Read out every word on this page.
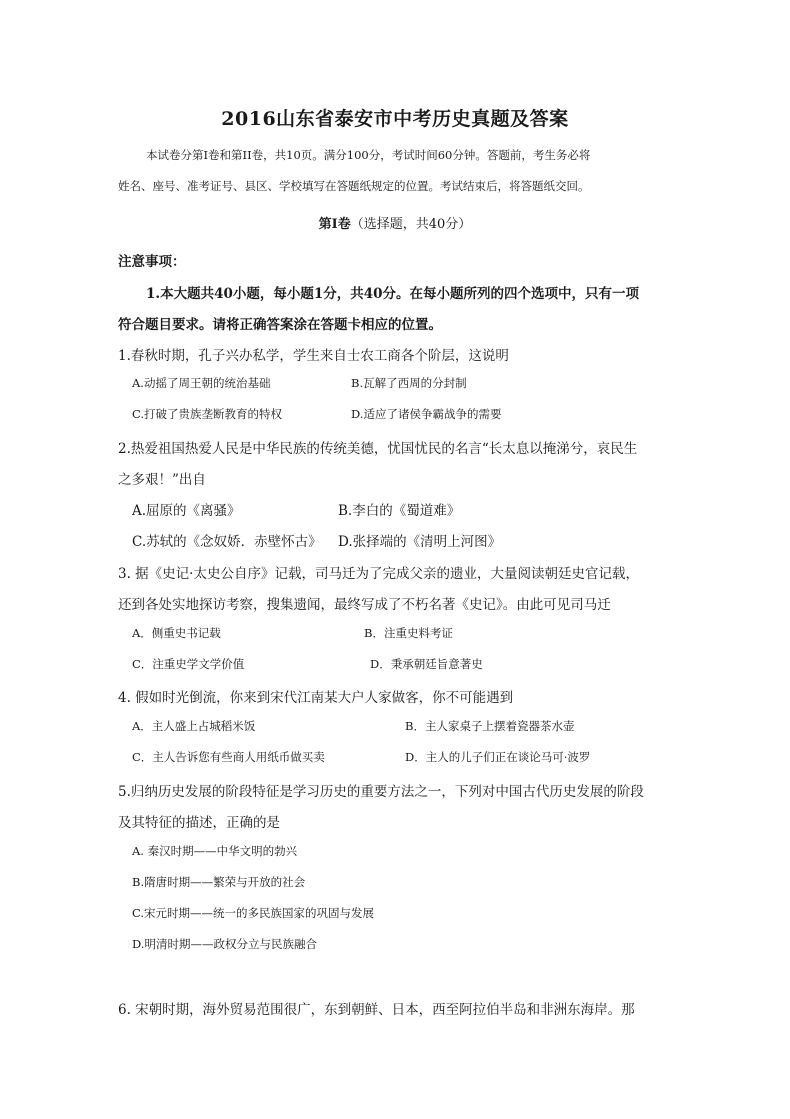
2016山东省泰安市中考历史真题及答案
本试卷分第Ⅰ卷和第II卷，共10页。满分100分，考试时间60分钟。答题前，考生务必将
姓名、座号、准考证号、县区、学校填写在答题纸规定的位置。考试结束后，将答题纸交回。
第Ⅰ卷（选择题，共40分）
注意事项：
1.本大题共40小题，每小题1分，共40分。在每小题所列的四个选项中，只有一项
符合题目要求。请将正确答案涂在答题卡相应的位置。
1.春秋时期，孔子兴办私学，学生来自士农工商各个阶层，这说明
A.动摇了周王朝的统治基础	B.瓦解了西周的分封制
C.打破了贵族垄断教育的特权	D.适应了诸侯争霸战争的需要
2.热爱祖国热爱人民是中华民族的传统美德，忧国忧民的名言“长太息以掩涕兮，哀民生
之多艰！”出自
A.屈原的《离骚》	B.李白的《蜀道难》
C.苏轼的《念奴娇．赤壁怀古》 D.张择端的《清明上河图》
3. 据《史记·太史公自序》记载，司马迁为了完成父亲的遗业，大量阅读朝廷史官记载，
还到各处实地探访考察，搜集遗闻，最终写成了不朽名著《史记》。由此可见司马迁
A．侧重史书记载	B．注重史料考证
C．注重史学文学价值	D．秉承朝廷旨意著史
4. 假如时光倒流，你来到宋代江南某大户人家做客，你不可能遇到
A．主人盛上占城稻米饭	B．主人家桌子上摆着瓷器茶水壶
C．主人告诉您有些商人用纸币做买卖	D．主人的儿子们正在谈论马可·波罗
5.归纳历史发展的阶段特征是学习历史的重要方法之一，下列对中国古代历史发展的阶段
及其特征的描述，正确的是
A. 秦汉时期——中华文明的勃兴
B.隋唐时期——繁荣与开放的社会
C.宋元时期——统一的多民族国家的巩固与发展
D.明清时期——政权分立与民族融合
6. 宋朝时期，海外贸易范围很广，东到朝鲜、日本，西至阿拉伯半岛和非洲东海岸。那
